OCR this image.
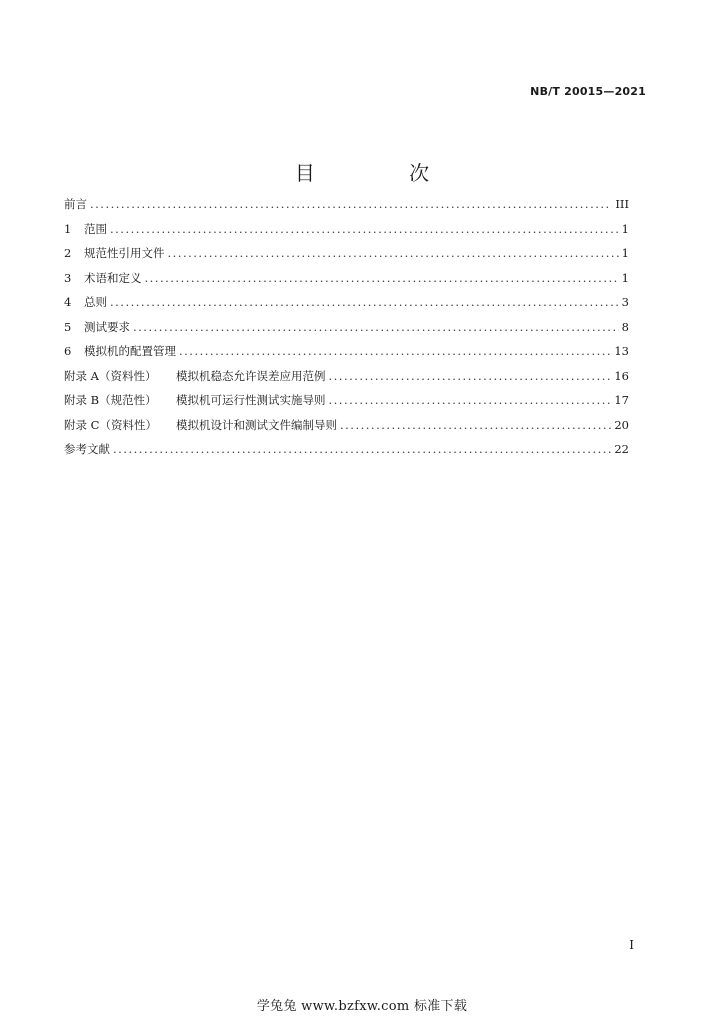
NB/T 20015—2021
目 次
前言 .....	III
1	范围 .....	1
2	规范性引用文件 .....	1
3	术语和定义 .....	1
4	总则 .....	3
5	测试要求 .....	8
6	模拟机的配置管理 .....	13
附录 A（资料性）	模拟机稳态允许误差应用范例 .....	16
附录 B（规范性）	模拟机可运行性测试实施导则 .....	17
附录 C（资料性）	模拟机设计和测试文件编制导则 .....	20
参考文献 .....	22
I
学兔兔 www.bzfxw.com 标准下载
